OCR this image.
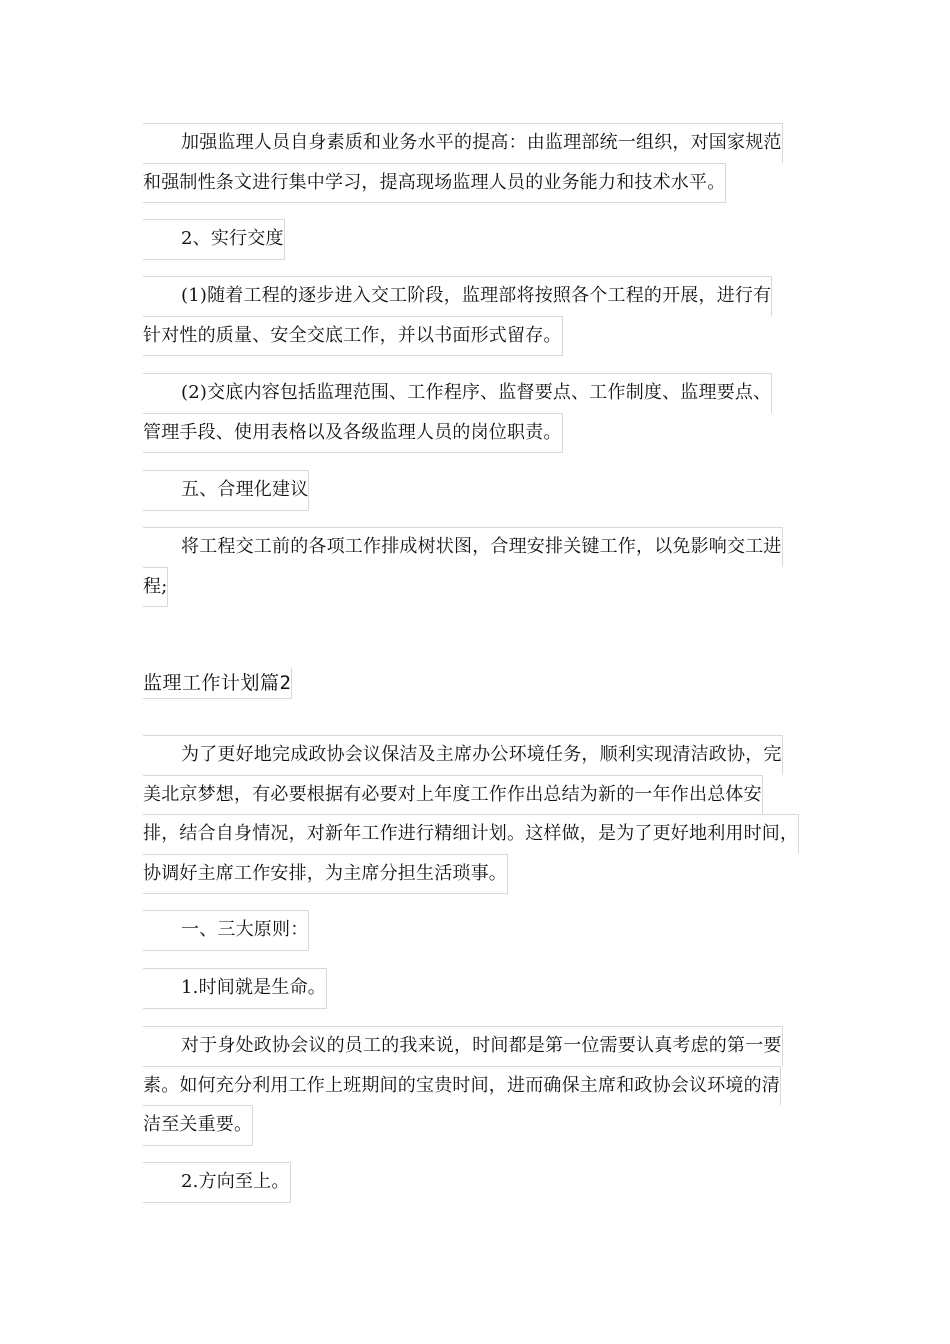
加强监理人员自身素质和业务水平的提高：由监理部统一组织，对国家规范
和强制性条文进行集中学习，提高现场监理人员的业务能力和技术水平。
2、实行交度
(1)随着工程的逐步进入交工阶段，监理部将按照各个工程的开展，进行有
针对性的质量、安全交底工作，并以书面形式留存。
(2)交底内容包括监理范围、工作程序、监督要点、工作制度、监理要点、
管理手段、使用表格以及各级监理人员的岗位职责。
五、合理化建议
将工程交工前的各项工作排成树状图，合理安排关键工作，以免影响交工进
程;
监理工作计划篇2
为了更好地完成政协会议保洁及主席办公环境任务，顺利实现清洁政协，完
美北京梦想，有必要根据有必要对上年度工作作出总结为新的一年作出总体安
排，结合自身情况，对新年工作进行精细计划。这样做，是为了更好地利用时间，
协调好主席工作安排，为主席分担生活琐事。
一、三大原则：
1.时间就是生命。
对于身处政协会议的员工的我来说，时间都是第一位需要认真考虑的第一要
素。如何充分利用工作上班期间的宝贵时间，进而确保主席和政协会议环境的清
洁至关重要。
2.方向至上。
